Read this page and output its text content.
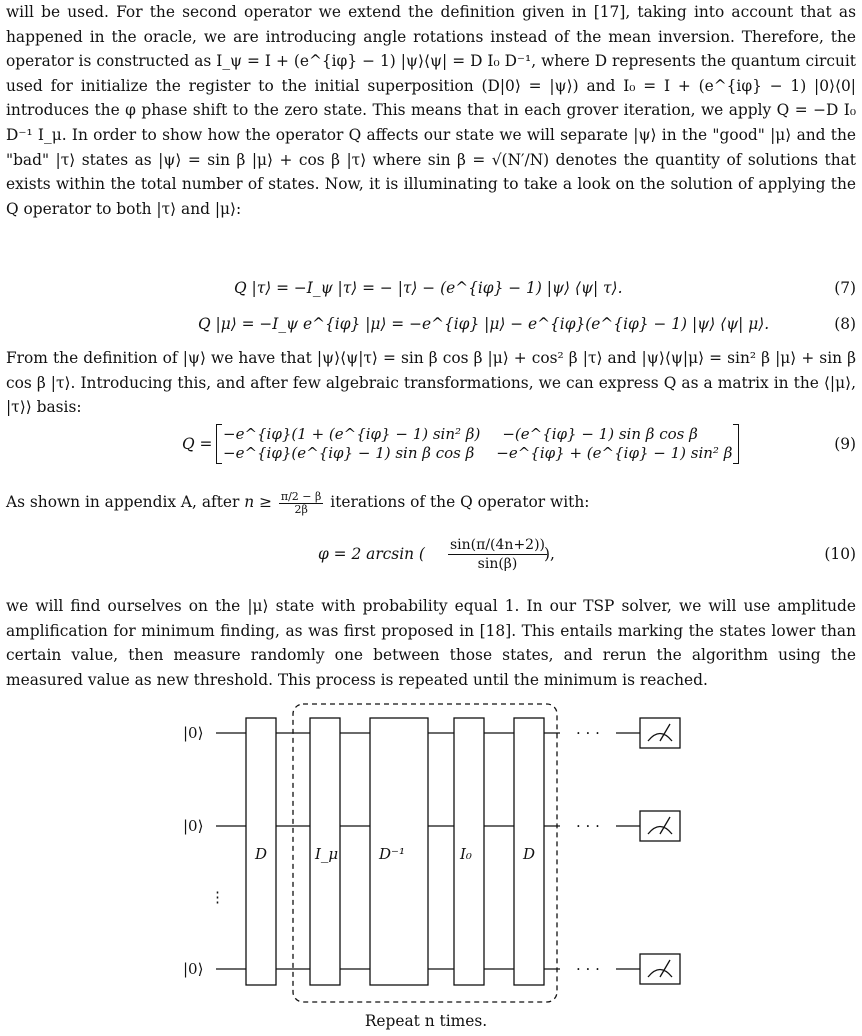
will be used. For the second operator we extend the definition given in [17], taking into account that as happened in the oracle, we are introducing angle rotations instead of the mean inversion. Therefore, the operator is constructed as I_ψ = I + (e^{iφ} − 1) |ψ⟩⟨ψ| = D I₀ D⁻¹, where D represents the quantum circuit used for initialize the register to the initial superposition (D|0⟩ = |ψ⟩) and I₀ = I + (e^{iφ} − 1) |0⟩⟨0| introduces the φ phase shift to the zero state. This means that in each grover iteration, we apply Q = −D I₀ D⁻¹ I_μ. In order to show how the operator Q affects our state we will separate |ψ⟩ in the "good" |μ⟩ and the "bad" |τ⟩ states as |ψ⟩ = sin β |μ⟩ + cos β |τ⟩ where sin β = √(N′/N) denotes the quantity of solutions that exists within the total number of states. Now, it is illuminating to take a look on the solution of applying the Q operator to both |τ⟩ and |μ⟩:

Q |τ⟩ = −I_ψ |τ⟩ = − |τ⟩ − (e^{iφ} − 1) |ψ⟩ ⟨ψ| τ⟩.	(7)
Q |μ⟩ = −I_ψ e^{iφ} |μ⟩ = −e^{iφ} |μ⟩ − e^{iφ}(e^{iφ} − 1) |ψ⟩ ⟨ψ| μ⟩.	(8)

From the definition of |ψ⟩ we have that |ψ⟩⟨ψ|τ⟩ = sin β cos β |μ⟩ + cos² β |τ⟩ and |ψ⟩⟨ψ|μ⟩ = sin² β |μ⟩ + sin β cos β |τ⟩. Introducing this, and after few algebraic transformations, we can express Q as a matrix in the ⟨|μ⟩, |τ⟩⟩ basis:

Q =
−e^{iφ}(1 + (e^{iφ} − 1) sin² β) −(e^{iφ} − 1) sin β cos β
−e^{iφ}(e^{iφ} − 1) sin β cos β −e^{iφ} + (e^{iφ} − 1) sin² β	(9)
As shown in appendix A, after $n \ge \frac{\pi/2 - \beta}{2\beta}$ iterations of the Q operator with:
φ = 2 arcsin ( $\frac{\sin(\pi/(4n+2))}{\sin(\beta)}$
),	(10)

we will find ourselves on the |μ⟩ state with probability equal 1. In our TSP solver, we will use amplitude amplification for minimum finding, as was first proposed in [18]. This entails marking the states lower than certain value, then measure randomly one between those states, and rerun the algorithm using the measured value as new threshold. This process is repeated until the minimum is reached.

|0⟩
|0⟩
⋮
|0⟩
D	I_μ	D⁻¹	I₀	D
· · ·
· · ·
· · ·
Repeat n times.
